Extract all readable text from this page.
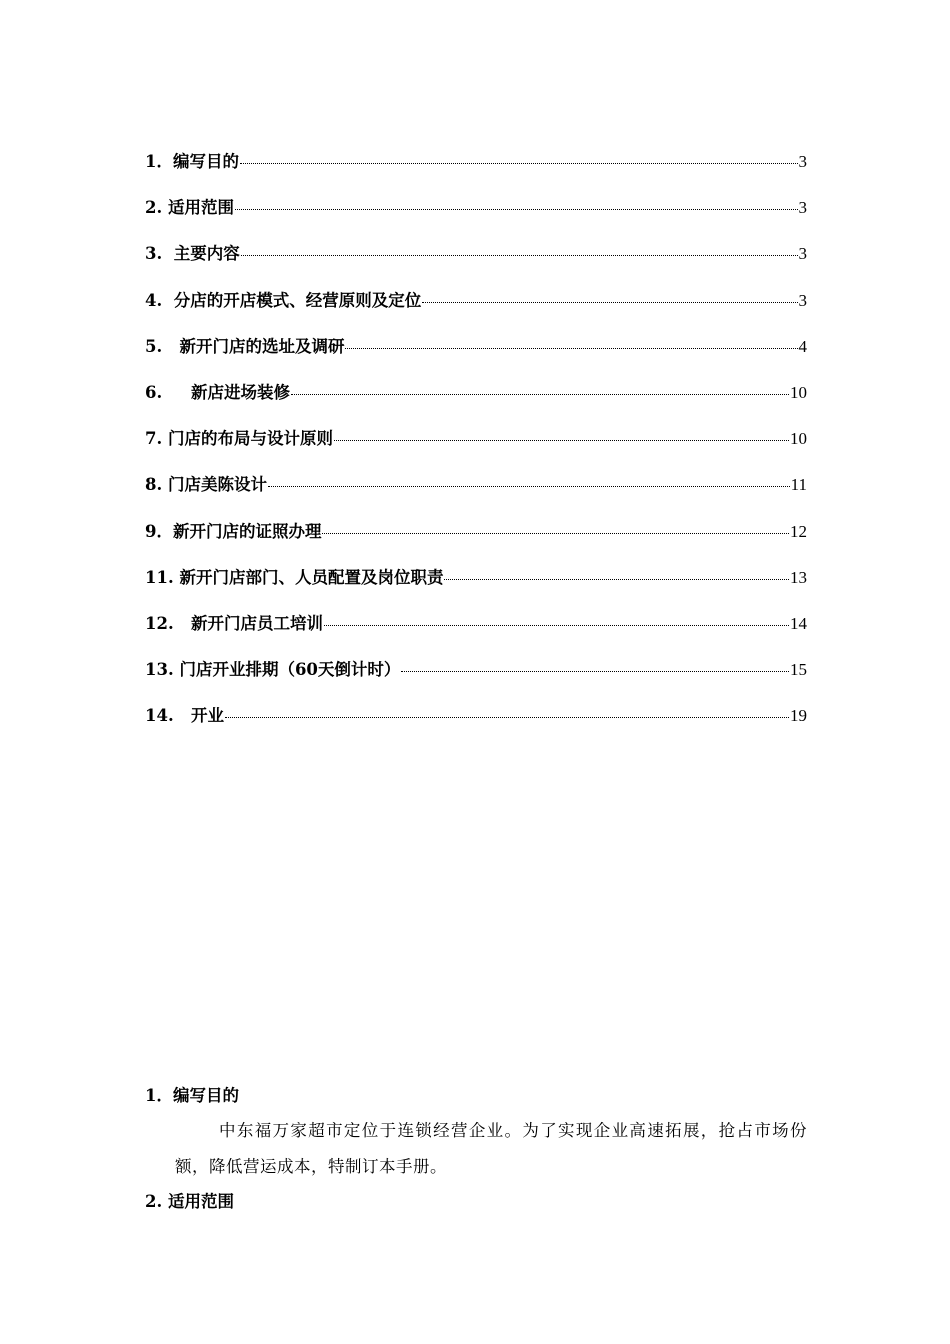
1．编写目的	3
2. 适用范围	3
3.  主要内容	3
4.  分店的开店模式、经营原则及定位	3
5.   新开门店的选址及调研	4
6.     新店进场装修	10
7. 门店的布局与设计原则	10
8. 门店美陈设计	11
9．新开门店的证照办理	12
11. 新开门店部门、人员配置及岗位职责	13
12.   新开门店员工培训	14
13. 门店开业排期（60天倒计时）	15
14.   开业	19
1．编写目的

中东福万家超市定位于连锁经营企业。为了实现企业高速拓展，抢占市场份额，降低营运成本，特制订本手册。

2. 适用范围
